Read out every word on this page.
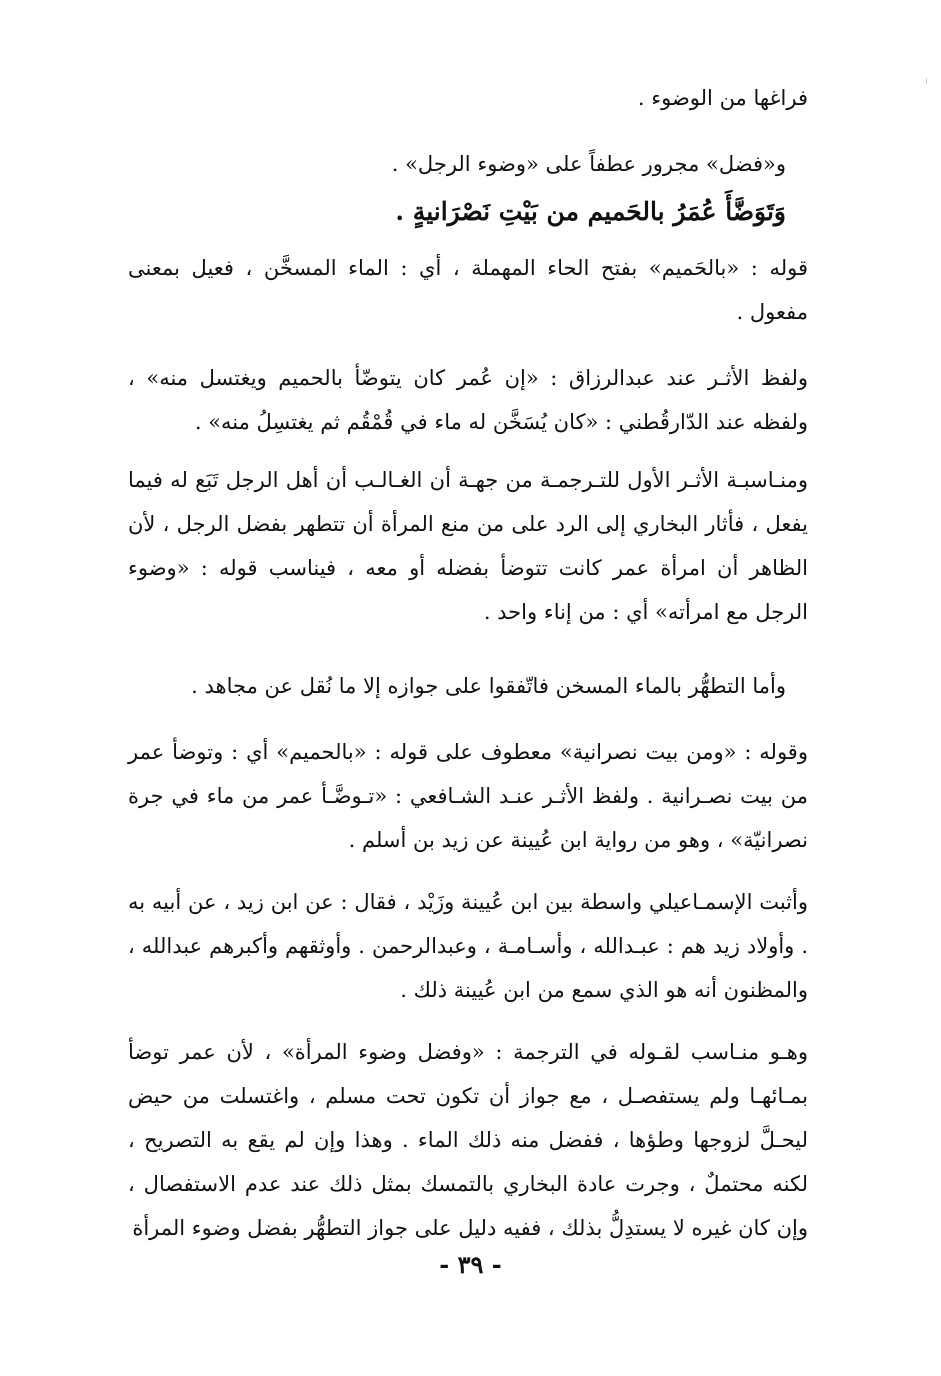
فراغها من الوضوء .

و«فضل» مجرور عطفاً على «وضوء الرجل» .

وَتَوَضَّأَ عُمَرُ بالحَميم من بَيْتِ نَصْرَانيةٍ .

قوله : «بالحَميم» بفتح الحاء المهملة ، أي : الماء المسخَّن ، فعيل بمعنى مفعول .

ولفظ الأثـر عند عبدالرزاق : «إن عُمر كان يتوضّأ بالحميم ويغتسل منه» ، ولفظه عند الدّارقُطني : «كان يُسَخَّن له ماء في قُمْقُم ثم يغتسِلُ منه» .

ومنـاسبـة الأثـر الأول للتـرجمـة من جهـة أن الغـالـب أن أهل الرجل تَبَع له فيما يفعل ، فأثار البخاري إلى الرد على من منع المرأة أن تتطهر بفضل الرجل ، لأن الظاهر أن امرأة عمر كانت تتوضأ بفضله أو معه ، فيناسب قوله : «وضوء الرجل مع امرأته» أي : من إناء واحد .

وأما التطهُّر بالماء المسخن فاتّفقوا على جوازه إلا ما نُقل عن مجاهد .

وقوله : «ومن بيت نصرانية» معطوف على قوله : «بالحميم» أي : وتوضأ عمر من بيت نصـرانية . ولفظ الأثـر عنـد الشـافعي : «تـوضَّـأ عمر من ماء في جرة نصرانيّة» ، وهو من رواية ابن عُيينة عن زيد بن أسلم .

وأثبت الإسمـاعيلي واسطة بين ابن عُيينة وزَيْد ، فقال : عن ابن زيد ، عن أبيه به . وأولاد زيد هم : عبـدالله ، وأسـامـة ، وعبدالرحمن . وأوثقهم وأكبرهم عبدالله ، والمظنون أنه هو الذي سمع من ابن عُيينة ذلك .

وهـو منـاسب لقـوله في الترجمة : «وفضل وضوء المرأة» ، لأن عمر توضأ بمـائهـا ولم يستفصـل ، مع جواز أن تكون تحت مسلم ، واغتسلت من حيض ليحـلَّ لزوجها وطؤها ، ففضل منه ذلك الماء . وهذا وإن لم يقع به التصريح ، لكنه محتملٌ ، وجرت عادة البخاري بالتمسك بمثل ذلك عند عدم الاستفصال ، وإن كان غيره لا يستدِلُّ بذلك ، ففيه دليل على جواز التطهُّر بفضل وضوء المرأة

- ٣٩ -
